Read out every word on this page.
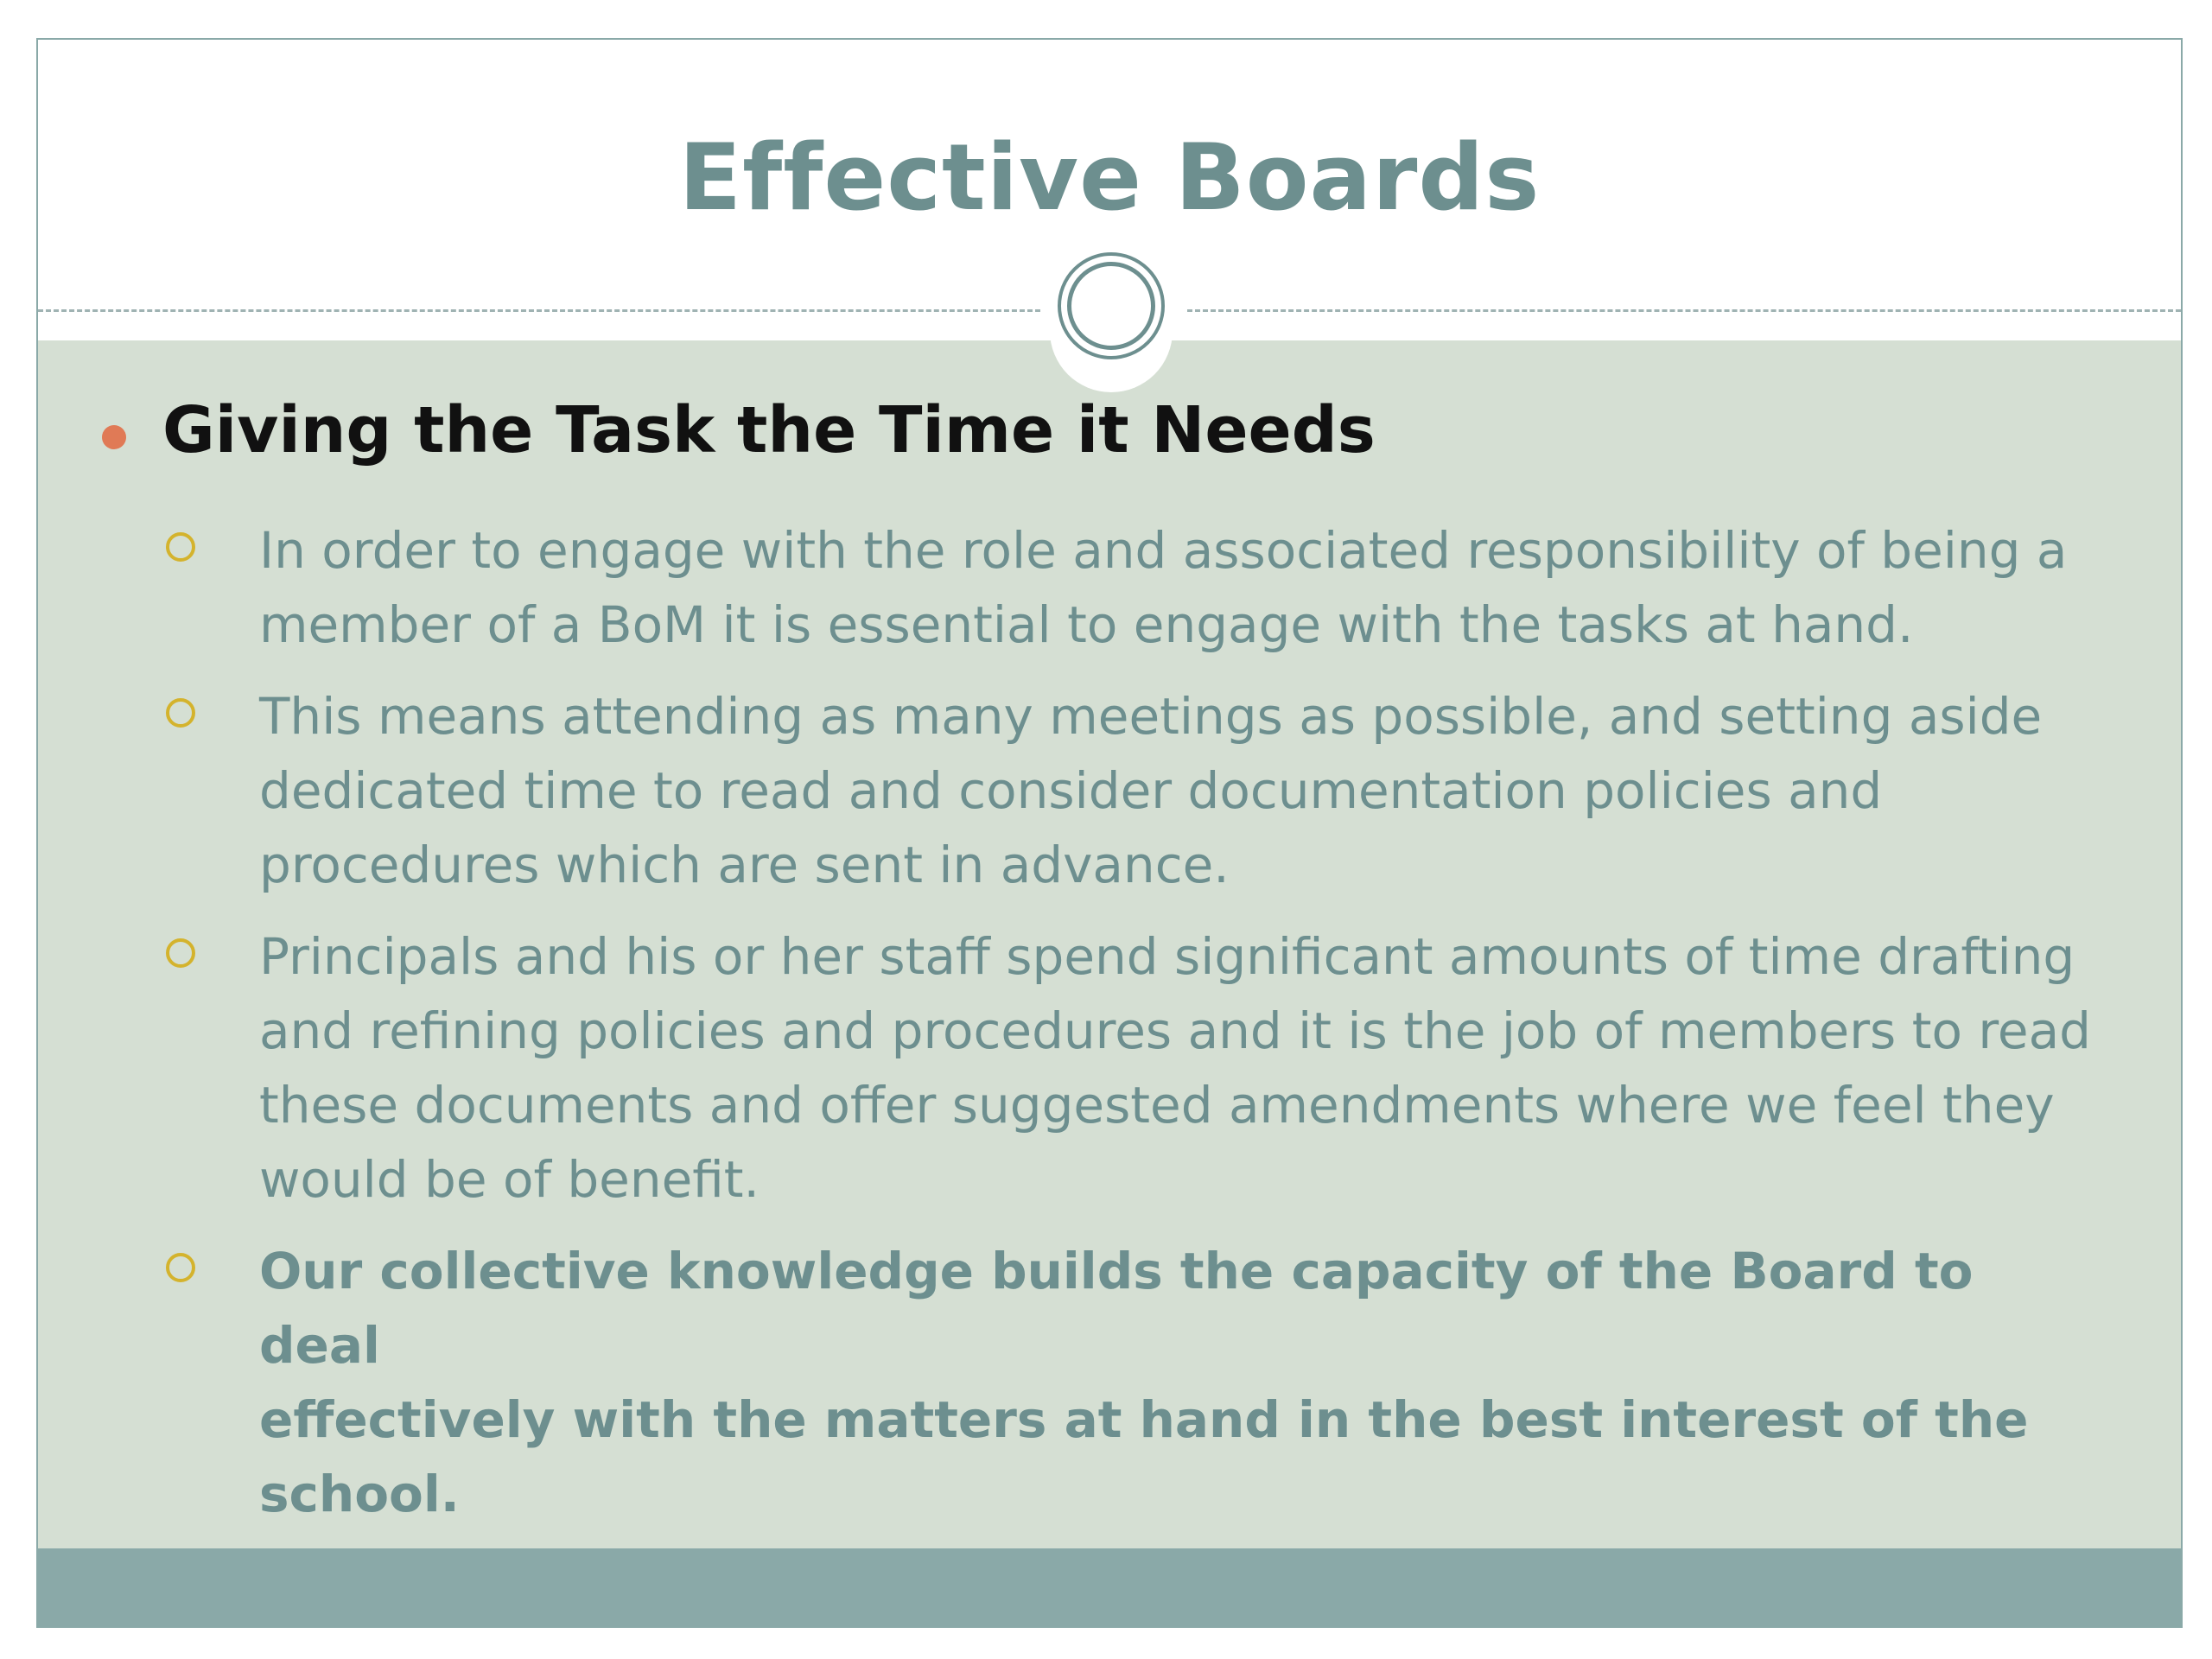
Effective Boards
Giving the Task the Time it Needs
In order to engage with the role and associated responsibility of being a
member of a BoM it is essential to engage with the tasks at hand.
This means attending as many meetings as possible, and setting aside
dedicated time to read and consider documentation policies and
procedures which are sent in advance.
Principals and his or her staff spend significant amounts of time drafting
and refining policies and procedures and it is the job of members to read
these documents and offer suggested amendments where we feel they
would be of benefit.
Our collective knowledge builds the capacity of the Board to deal
effectively with the matters at hand in the best interest of the school.
